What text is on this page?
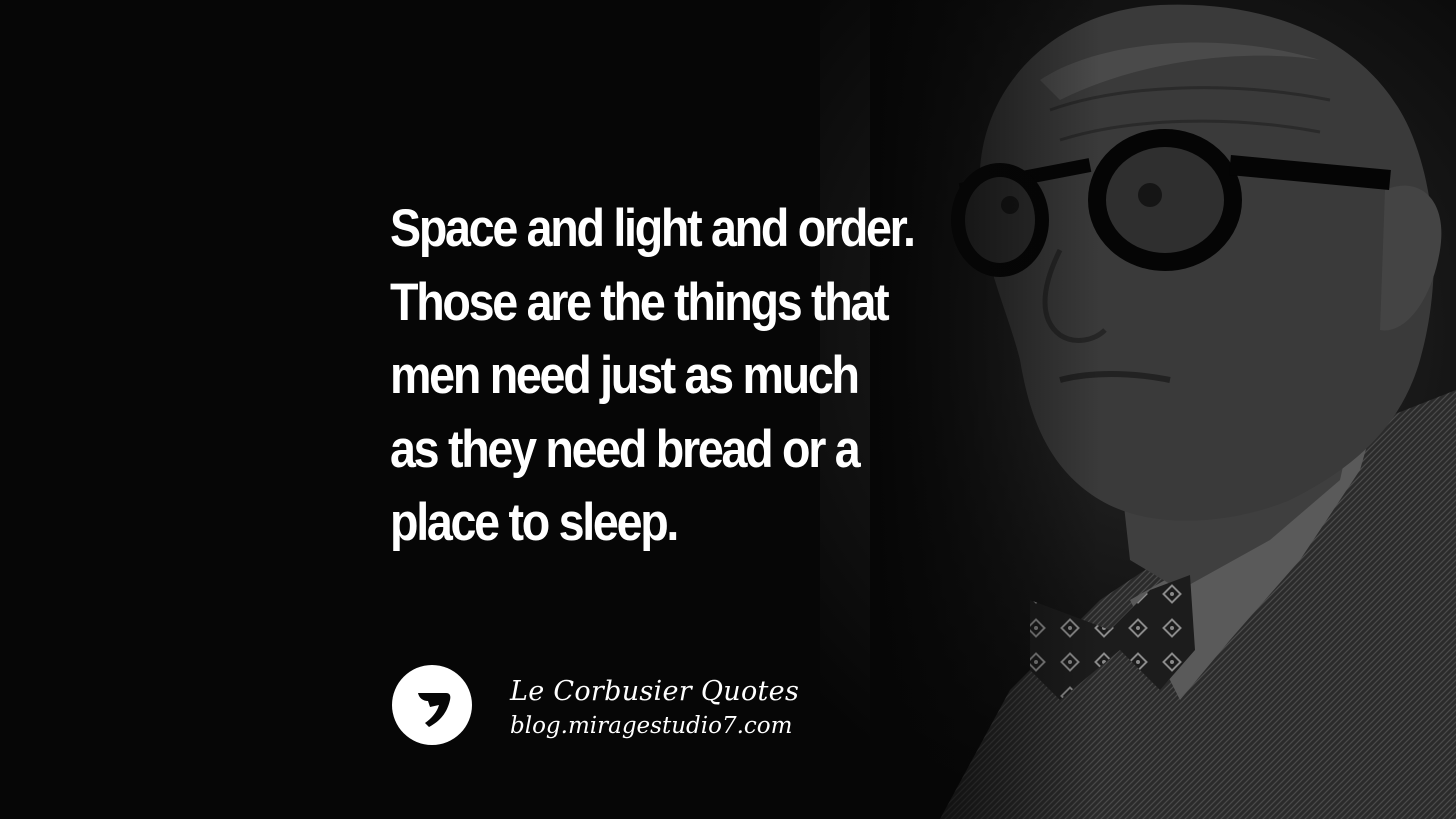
Space and light and order.
Those are the things that
men need just as much
as they need bread or a
place to sleep.

Le Corbusier Quotes
blog.miragestudio7.com
